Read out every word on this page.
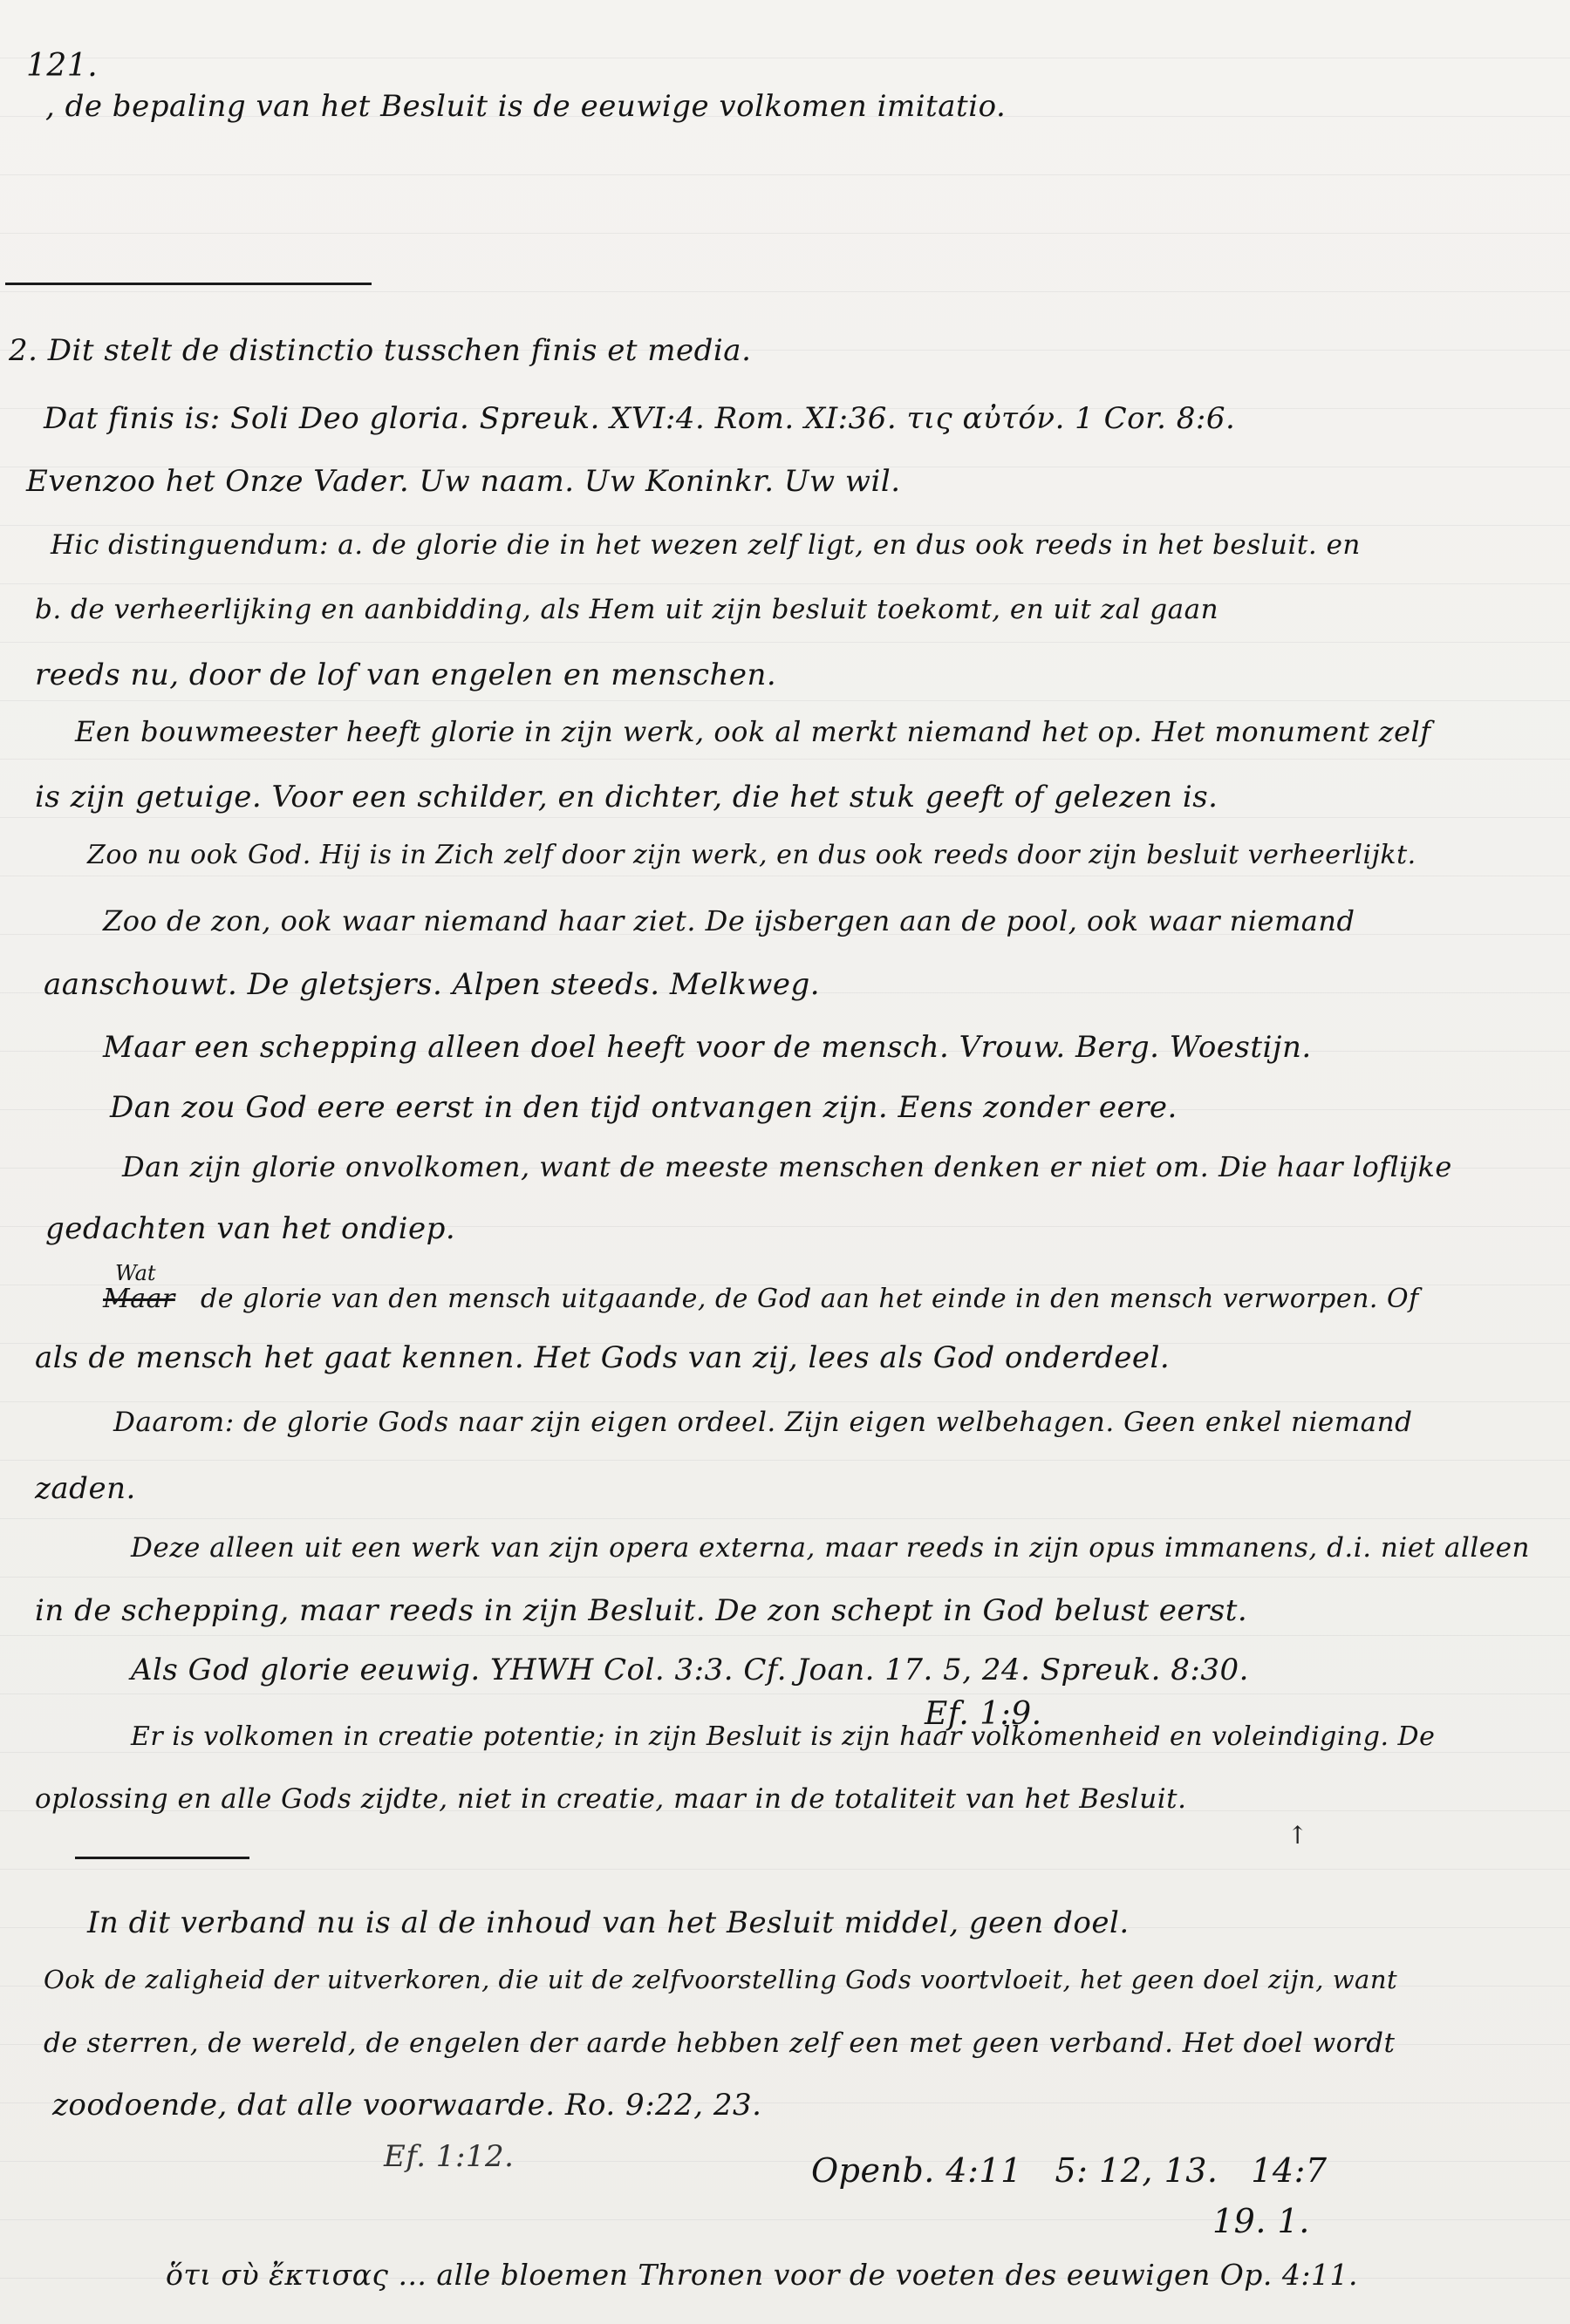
121.
, de bepaling van het Besluit is de eeuwige volkomen imitatio.
2. Dit stelt de distinctio tusschen finis et media.
Dat finis is: Soli Deo gloria. Spreuk. XVI:4. Rom. XI:36. τις αὐτόν. 1 Cor. 8:6.
Evenzoo het Onze Vader. Uw naam. Uw Koninkr. Uw wil.
Hic distinguendum: a. de glorie die in het wezen zelf ligt, en dus ook reeds in het besluit. en
b. de verheerlijking en aanbidding, als Hem uit zijn besluit toekomt, en uit zal gaan
reeds nu, door de lof van engelen en menschen.
Een bouwmeester heeft glorie in zijn werk, ook al merkt niemand het op. Het monument zelf
is zijn getuige. Voor een schilder, en dichter, die het stuk geeft of gelezen is.
Zoo nu ook God. Hij is in Zich zelf door zijn werk, en dus ook reeds door zijn besluit verheerlijkt.
Zoo de zon, ook waar niemand haar ziet. De ijsbergen aan de pool, ook waar niemand
aanschouwt. De gletsjers. Alpen steeds. Melkweg.
Maar een schepping alleen doel heeft voor de mensch. Vrouw. Berg. Woestijn.
Dan zou God eere eerst in den tijd ontvangen zijn. Eens zonder eere.
Dan zijn glorie onvolkomen, want de meeste menschen denken er niet om. Die haar loflijke
gedachten van het ondiep.
Wat
Maar de glorie van den mensch uitgaande, de God aan het einde in den mensch verworpen. Of
als de mensch het gaat kennen. Het Gods van zij, lees als God onderdeel.
Daarom: de glorie Gods naar zijn eigen ordeel. Zijn eigen welbehagen. Geen enkel niemand
zaden.
Deze alleen uit een werk van zijn opera externa, maar reeds in zijn opus immanens, d.i. niet alleen
in de schepping, maar reeds in zijn Besluit. De zon schept in God belust eerst.
Als God glorie eeuwig. YHWH Col. 3:3. Cf. Joan. 17. 5, 24. Spreuk. 8:30.
Ef. 1:9.
Er is volkomen in creatie potentie; in zijn Besluit is zijn haar volkomenheid en voleindiging. De
oplossing en alle Gods zijdte, niet in creatie, maar in de totaliteit van het Besluit.
↑
In dit verband nu is al de inhoud van het Besluit middel, geen doel.
Ook de zaligheid der uitverkoren, die uit de zelfvoorstelling Gods voortvloeit, het geen doel zijn, want
de sterren, de wereld, de engelen der aarde hebben zelf een met geen verband. Het doel wordt
zoodoende, dat alle voorwaarde. Ro. 9:22, 23.
Ef. 1:12.	Openb. 4:11   5: 12, 13.   14:7
19. 1.
ὅτι σὺ ἔκτισας ... alle bloemen Thronen voor de voeten des eeuwigen Op. 4:11.
